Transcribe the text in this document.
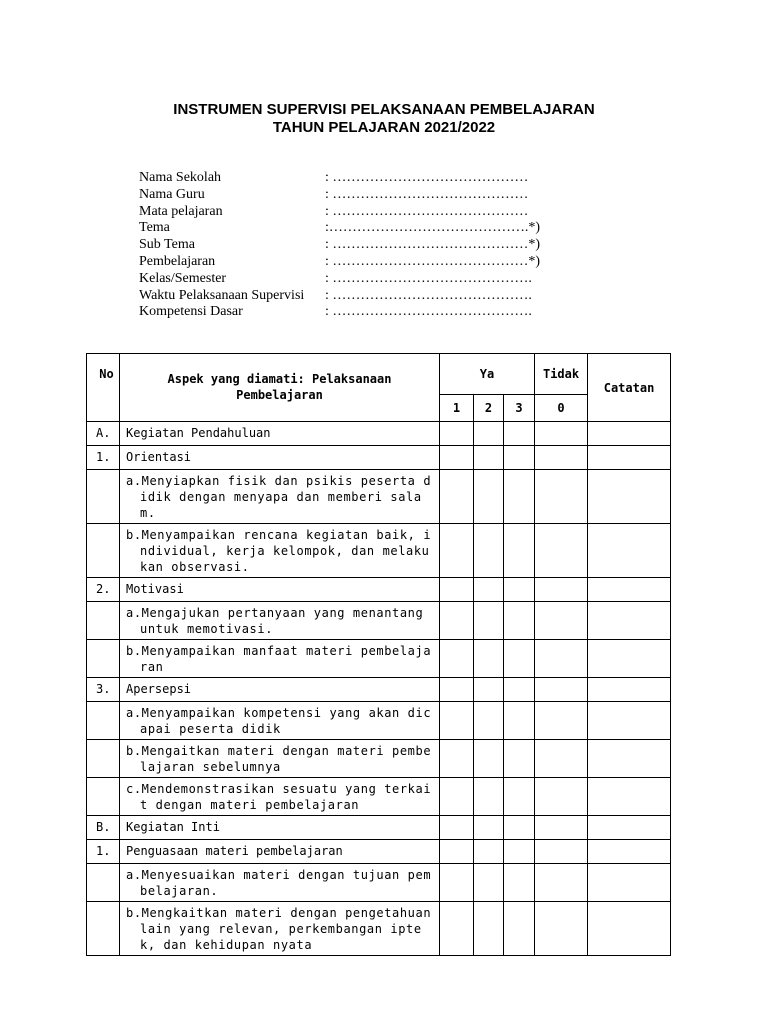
INSTRUMEN SUPERVISI PELAKSANAAN PEMBELAJARAN
TAHUN PELAJARAN 2021/2022
Nama Sekolah	: ……………………………………
Nama Guru	: ……………………………………
Mata pelajaran	: ……………………………………
Tema	:…………………………………….*)
Sub Tema	: ……………………………………*)
Pembelajaran	: ……………………………………*)
Kelas/Semester	: …………………………………….
Waktu Pelaksanaan Supervisi : …………………………………….
Kompetensi Dasar	: …………………………………….
No	Aspek yang diamati: Pelaksanaan Pembelajaran	Ya			Tidak	Catatan
		1	2	3	0	
A.	Kegiatan Pendahuluan					
1.	Orientasi					

	a.Menyiapkan fisik dan psikis peserta didik dengan menyapa dan memberi salam.					

	b.Menyampaikan rencana kegiatan baik, individual, kerja kelompok, dan melakukan observasi.					

2.	Motivasi					

	a.Mengajukan pertanyaan yang menantang untuk memotivasi.					

	b.Menyampaikan manfaat materi pembelajaran					

3.	Apersepsi					

	a.Menyampaikan kompetensi yang akan dicapai peserta didik					

	b.Mengaitkan materi dengan materi pembelajaran sebelumnya					

	c.Mendemonstrasikan sesuatu yang terkait dengan materi pembelajaran					

B.	Kegiatan Inti					
1.	Penguasaan materi pembelajaran					

	a.Menyesuaikan materi dengan tujuan pembelajaran.					

	b.Mengkaitkan materi dengan pengetahuan lain yang relevan, perkembangan iptek, dan kehidupan nyata					
